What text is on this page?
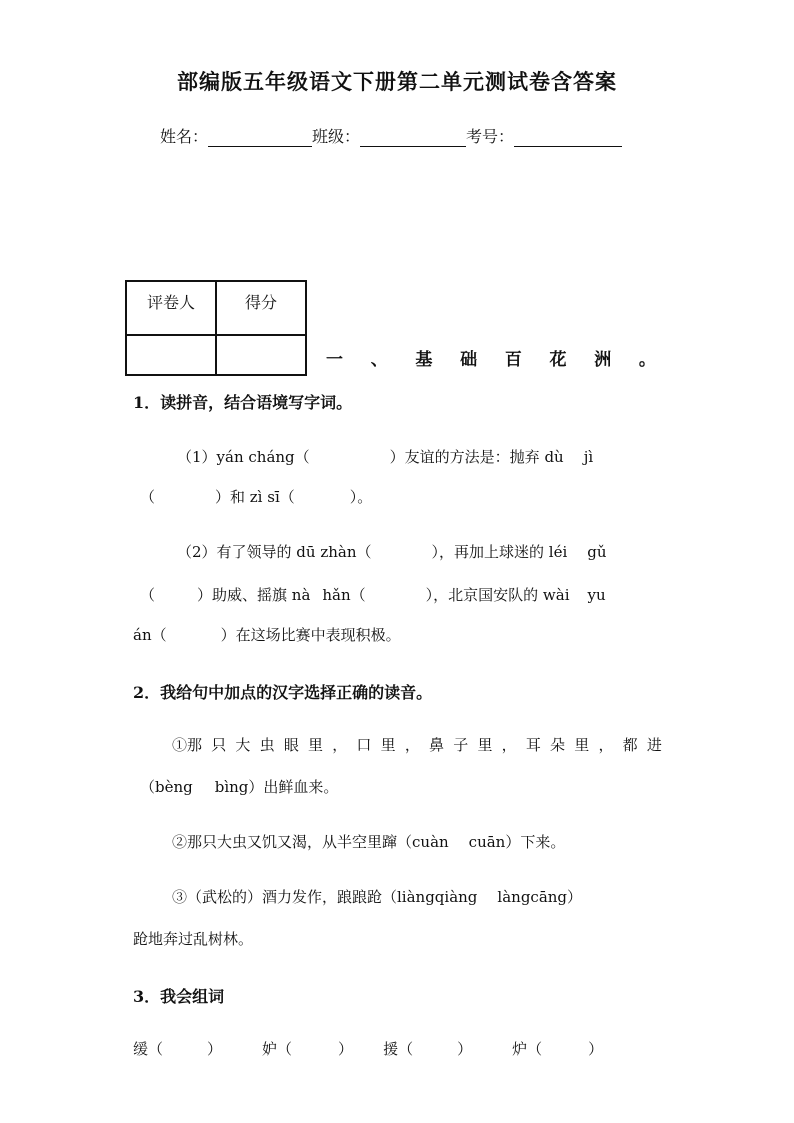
部编版五年级语文下册第二单元测试卷含答案
姓名：	班级：	考号：
评卷人	得分

一 、 基 础 百 花 洲 。
1．读拼音，结合语境写字词。
（1）yán cháng（	）友谊的方法是：抛弃 dù jì
（	）和 zì sī（	）。
（2）有了领导的 dū zhàn（	），再加上球迷的 léi gǔ
（	）助威、摇旗 nà hǎn（	），北京国安队的 wài yu
án（	）在这场比赛中表现积极。
2．我给句中加点的汉字选择正确的读音。
①那 只 大 虫 眼 里 ， 口 里 ， 鼻 子 里 ， 耳 朵 里 ， 都 进
（bèng bìng）出鲜血来。
②那只大虫又饥又渴，从半空里蹿（cuàn cuān）下来。
③（武松的）酒力发作，踉踉跄（liàngqiàng làngcāng）
跄地奔过乱树林。
3．我会组词
缓（	）	妒（	） 援（	）	炉（	）
